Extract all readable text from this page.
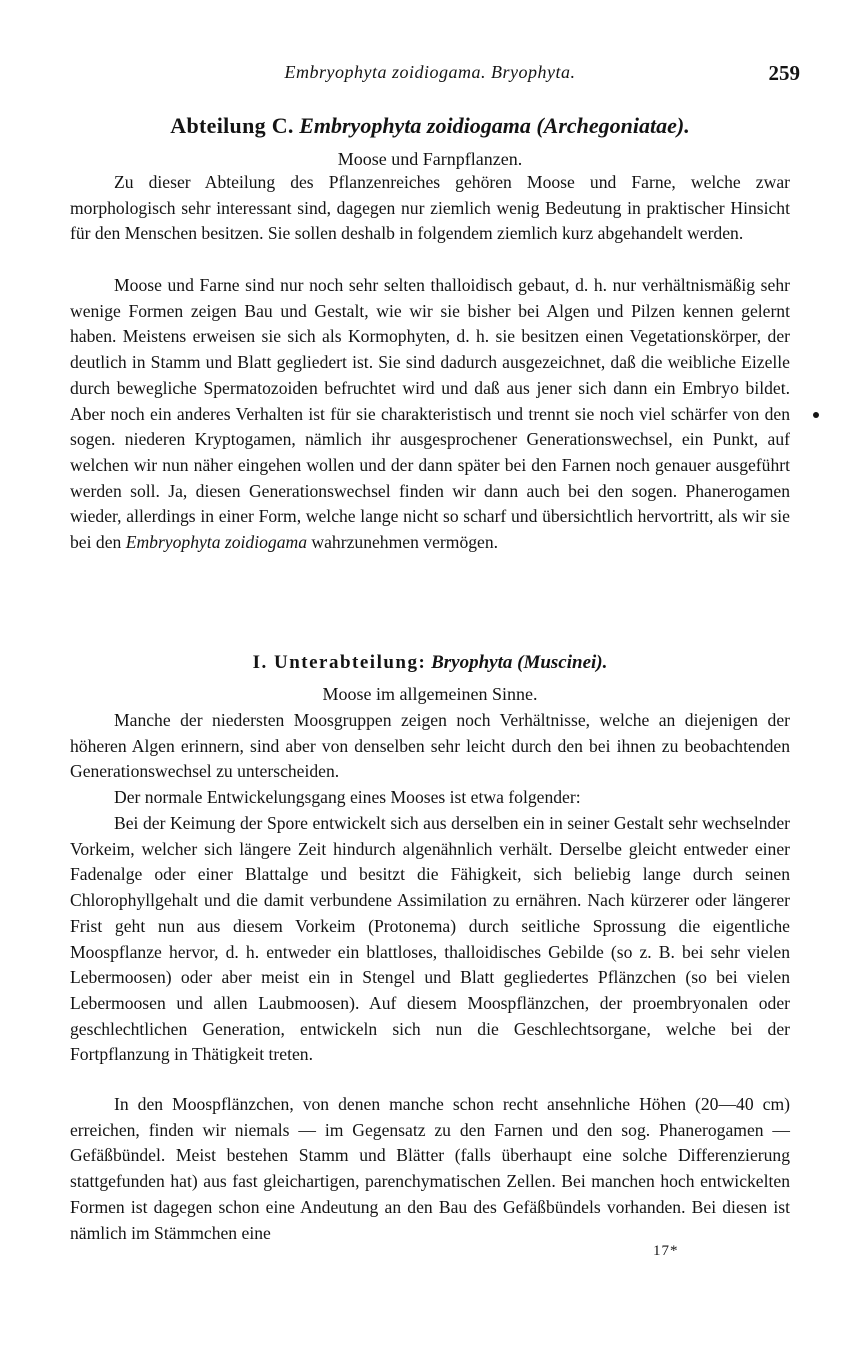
Embryophyta zoidiogama. Bryophyta.	259
Abteilung C. Embryophyta zoidiogama (Archegoniatae).
Moose und Farnpflanzen.

Zu dieser Abteilung des Pflanzenreiches gehören Moose und Farne, welche zwar morphologisch sehr interessant sind, dagegen nur ziemlich wenig Bedeutung in praktischer Hinsicht für den Menschen besitzen. Sie sollen deshalb in folgendem ziemlich kurz abgehandelt werden.

Moose und Farne sind nur noch sehr selten thalloidisch gebaut, d. h. nur verhältnismäßig sehr wenige Formen zeigen Bau und Gestalt, wie wir sie bisher bei Algen und Pilzen kennen gelernt haben. Meistens erweisen sie sich als Kormophyten, d. h. sie besitzen einen Vegetationskörper, der deutlich in Stamm und Blatt gegliedert ist. Sie sind dadurch ausgezeichnet, daß die weibliche Eizelle durch bewegliche Spermatozoiden befruchtet wird und daß aus jener sich dann ein Embryo bildet. Aber noch ein anderes Verhalten ist für sie charakteristisch und trennt sie noch viel schärfer von den sogen. niederen Kryptogamen, nämlich ihr ausgesprochener Generationswechsel, ein Punkt, auf welchen wir nun näher eingehen wollen und der dann später bei den Farnen noch genauer ausgeführt werden soll. Ja, diesen Generationswechsel finden wir dann auch bei den sogen. Phanerogamen wieder, allerdings in einer Form, welche lange nicht so scharf und übersichtlich hervortritt, als wir sie bei den Embryophyta zoidiogama wahrzunehmen vermögen.

I. Unterabteilung: Bryophyta (Muscinei).
Moose im allgemeinen Sinne.

Manche der niedersten Moosgruppen zeigen noch Verhältnisse, welche an diejenigen der höheren Algen erinnern, sind aber von denselben sehr leicht durch den bei ihnen zu beobachtenden Generationswechsel zu unterscheiden.

Der normale Entwickelungsgang eines Mooses ist etwa folgender:

Bei der Keimung der Spore entwickelt sich aus derselben ein in seiner Gestalt sehr wechselnder Vorkeim, welcher sich längere Zeit hindurch algenähnlich verhält. Derselbe gleicht entweder einer Fadenalge oder einer Blattalge und besitzt die Fähigkeit, sich beliebig lange durch seinen Chlorophyllgehalt und die damit verbundene Assimilation zu ernähren. Nach kürzerer oder längerer Frist geht nun aus diesem Vorkeim (Protonema) durch seitliche Sprossung die eigentliche Moospflanze hervor, d. h. entweder ein blattloses, thalloidisches Gebilde (so z. B. bei sehr vielen Lebermoosen) oder aber meist ein in Stengel und Blatt gegliedertes Pflänzchen (so bei vielen Lebermoosen und allen Laubmoosen). Auf diesem Moospflänzchen, der proembryonalen oder geschlechtlichen Generation, entwickeln sich nun die Geschlechtsorgane, welche bei der Fortpflanzung in Thätigkeit treten.

In den Moospflänzchen, von denen manche schon recht ansehnliche Höhen (20—40 cm) erreichen, finden wir niemals — im Gegensatz zu den Farnen und den sog. Phanerogamen — Gefäßbündel. Meist bestehen Stamm und Blätter (falls überhaupt eine solche Differenzierung stattgefunden hat) aus fast gleichartigen, parenchymatischen Zellen. Bei manchen hoch entwickelten Formen ist dagegen schon eine Andeutung an den Bau des Gefäßbündels vorhanden. Bei diesen ist nämlich im Stämmchen eine

17*
